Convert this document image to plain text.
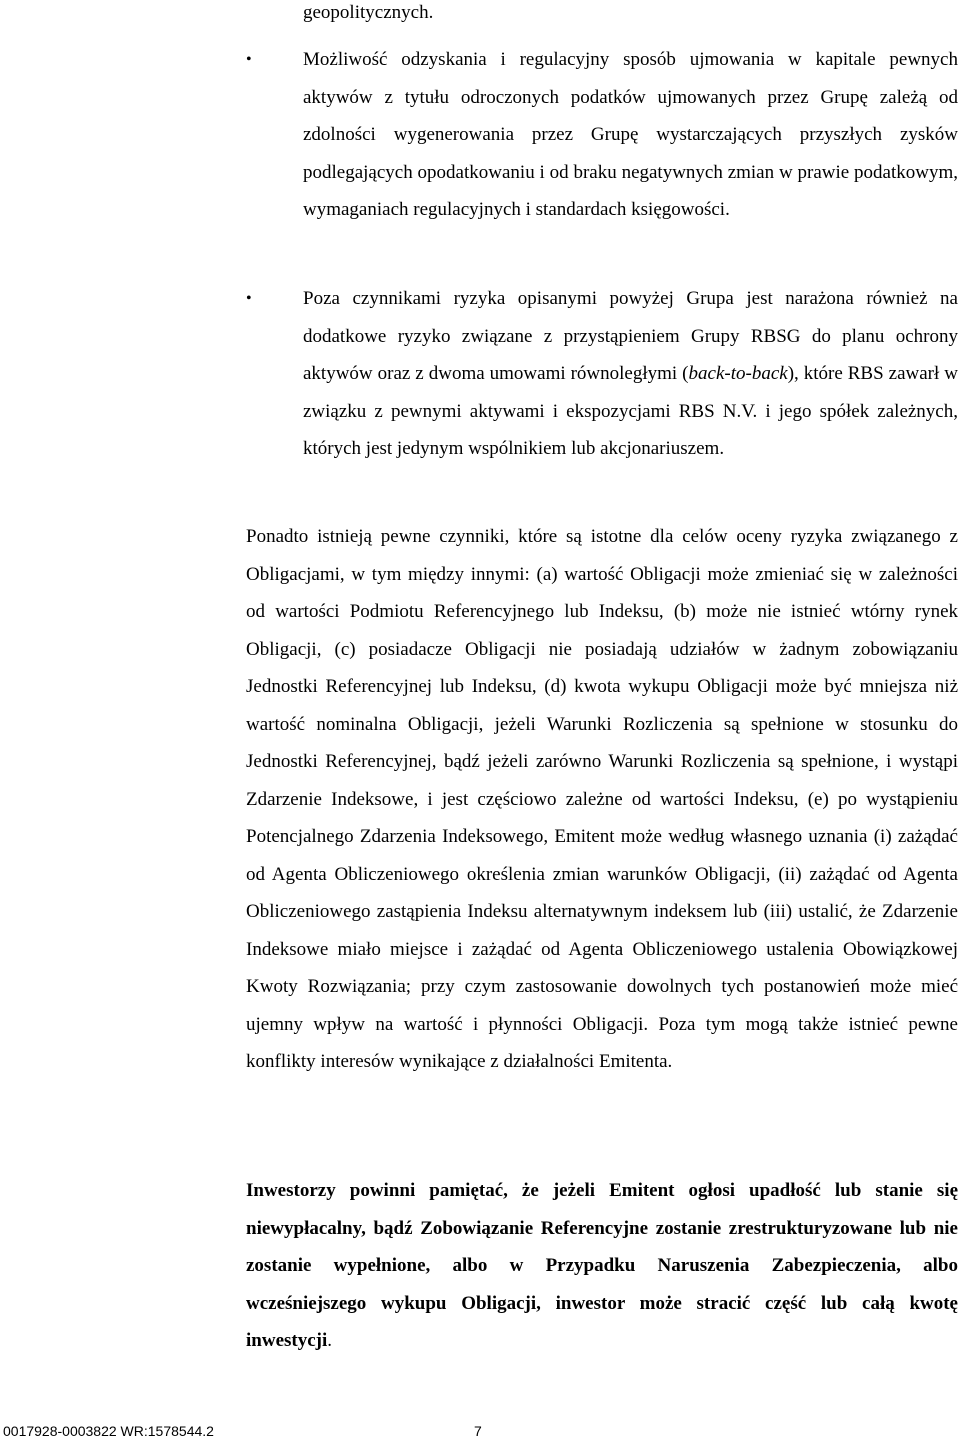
geopolitycznych.

•	Możliwość odzyskania i regulacyjny sposób ujmowania w kapitale pewnych aktywów z tytułu odroczonych podatków ujmowanych przez Grupę zależą od zdolności wygenerowania przez Grupę wystarczających przyszłych zysków podlegających opodatkowaniu i od braku negatywnych zmian w prawie podatkowym, wymaganiach regulacyjnych i standardach księgowości.

•	Poza czynnikami ryzyka opisanymi powyżej Grupa jest narażona również na dodatkowe ryzyko związane z przystąpieniem Grupy RBSG do planu ochrony aktywów oraz z dwoma umowami równoległymi (back-to-back), które RBS zawarł w związku z pewnymi aktywami i ekspozycjami RBS N.V. i jego spółek zależnych, których jest jedynym wspólnikiem lub akcjonariuszem.

Ponadto istnieją pewne czynniki, które są istotne dla celów oceny ryzyka związanego z Obligacjami, w tym między innymi: (a) wartość Obligacji może zmieniać się w zależności od wartości Podmiotu Referencyjnego lub Indeksu, (b) może nie istnieć wtórny rynek Obligacji, (c) posiadacze Obligacji nie posiadają udziałów w żadnym zobowiązaniu Jednostki Referencyjnej lub Indeksu, (d) kwota wykupu Obligacji może być mniejsza niż wartość nominalna Obligacji, jeżeli Warunki Rozliczenia są spełnione w stosunku do Jednostki Referencyjnej, bądź jeżeli zarówno Warunki Rozliczenia są spełnione, i wystąpi Zdarzenie Indeksowe, i jest częściowo zależne od wartości Indeksu, (e) po wystąpieniu Potencjalnego Zdarzenia Indeksowego, Emitent może według własnego uznania (i) zażądać od Agenta Obliczeniowego określenia zmian warunków Obligacji, (ii) zażądać od Agenta Obliczeniowego zastąpienia Indeksu alternatywnym indeksem lub (iii) ustalić, że Zdarzenie Indeksowe miało miejsce i zażądać od Agenta Obliczeniowego ustalenia Obowiązkowej Kwoty Rozwiązania; przy czym zastosowanie dowolnych tych postanowień może mieć ujemny wpływ na wartość i płynności Obligacji. Poza tym mogą także istnieć pewne konflikty interesów wynikające z działalności Emitenta.

Inwestorzy powinni pamiętać, że jeżeli Emitent ogłosi upadłość lub stanie się niewypłacalny, bądź Zobowiązanie Referencyjne zostanie zrestrukturyzowane lub nie zostanie wypełnione, albo w Przypadku Naruszenia Zabezpieczenia, albo wcześniejszego wykupu Obligacji, inwestor może stracić część lub całą kwotę inwestycji.

0017928-0003822 WR:1578544.2	7
